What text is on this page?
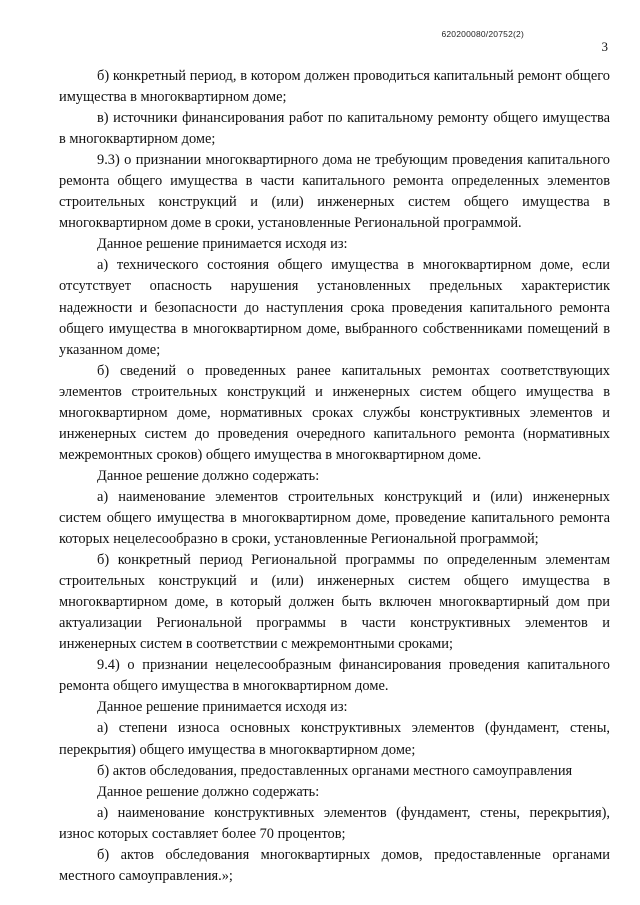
620200080/20752(2)
3

б) конкретный период, в котором должен проводиться капитальный ремонт общего имущества в многоквартирном доме;

в) источники финансирования работ по капитальному ремонту общего имущества в многоквартирном доме;

9.3) о признании многоквартирного дома не требующим проведения капитального ремонта общего имущества в части капитального ремонта определенных элементов строительных конструкций и (или) инженерных систем общего имущества в многоквартирном доме в сроки, установленные Региональной программой.

Данное решение принимается исходя из:

а) технического состояния общего имущества в многоквартирном доме, если отсутствует опасность нарушения установленных предельных характеристик надежности и безопасности до наступления срока проведения капитального ремонта общего имущества в многоквартирном доме, выбранного собственниками помещений в указанном доме;

б) сведений о проведенных ранее капитальных ремонтах соответствующих элементов строительных конструкций и инженерных систем общего имущества в многоквартирном доме, нормативных сроках службы конструктивных элементов и инженерных систем до проведения очередного капитального ремонта (нормативных межремонтных сроков) общего имущества в многоквартирном доме.

Данное решение должно содержать:

а) наименование элементов строительных конструкций и (или) инженерных систем общего имущества в многоквартирном доме, проведение капитального ремонта которых нецелесообразно в сроки, установленные Региональной программой;

б) конкретный период Региональной программы по определенным элементам строительных конструкций и (или) инженерных систем общего имущества в многоквартирном доме, в который должен быть включен многоквартирный дом при актуализации Региональной программы в части конструктивных элементов и инженерных систем в соответствии с межремонтными сроками;

9.4) о признании нецелесообразным финансирования проведения капитального ремонта общего имущества в многоквартирном доме.

Данное решение принимается исходя из:

а) степени износа основных конструктивных элементов (фундамент, стены, перекрытия) общего имущества в многоквартирном доме;

б) актов обследования, предоставленных органами местного самоуправления

Данное решение должно содержать:

а) наименование конструктивных элементов (фундамент, стены, перекрытия), износ которых составляет более 70 процентов;

б) актов обследования многоквартирных домов, предоставленные органами местного самоуправления.»;
